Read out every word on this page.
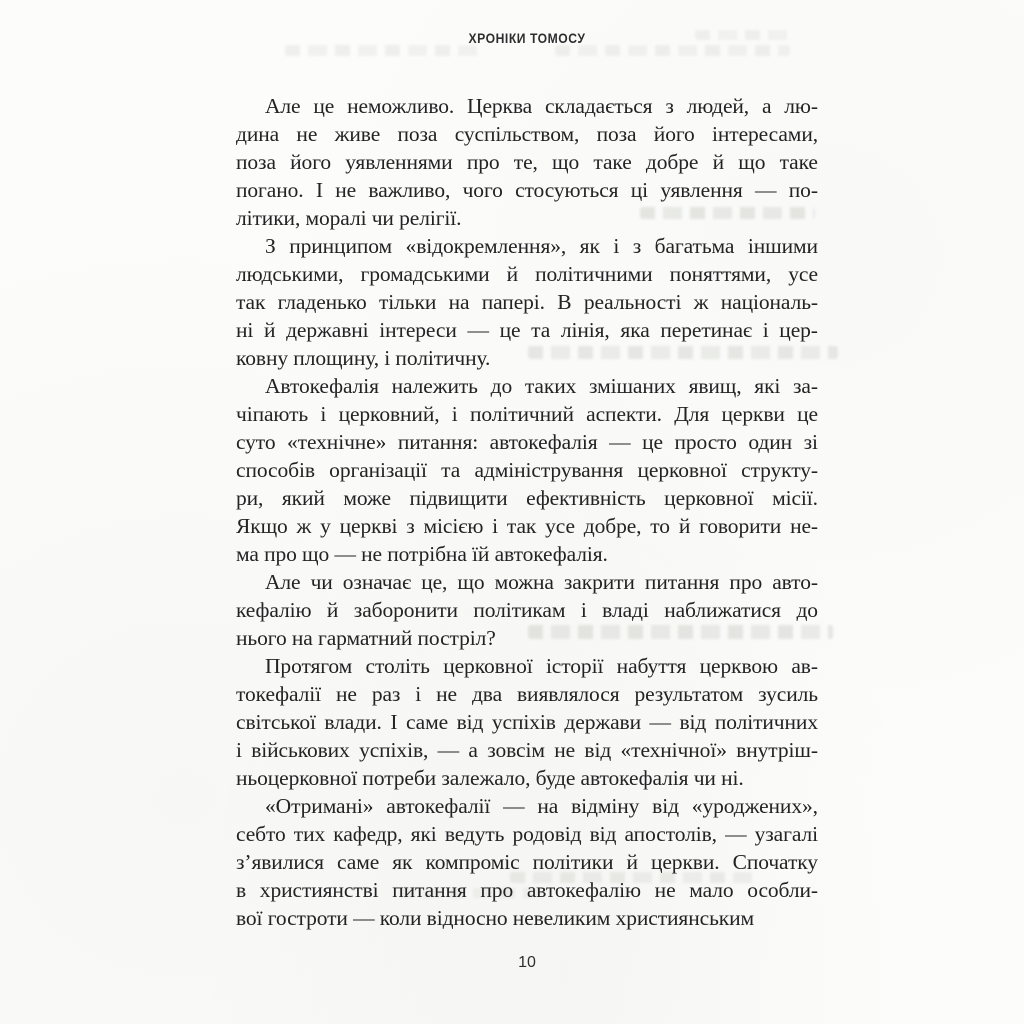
ХРОНІКИ ТОМОСУ
Але це неможливо. Церква складається з людей, а лю-
дина не живе поза суспільством, поза його інтересами,
поза його уявленнями про те, що таке добре й що таке
погано. І не важливо, чого стосуються ці уявлення — по-
літики, моралі чи релігії.
З принципом «відокремлення», як і з багатьма іншими
людськими, громадськими й політичними поняттями, усе
так гладенько тільки на папері. В реальності ж національ-
ні й державні інтереси — це та лінія, яка перетинає і цер-
ковну площину, і політичну.
Автокефалія належить до таких змішаних явищ, які за-
чіпають і церковний, і політичний аспекти. Для церкви це
суто «технічне» питання: автокефалія — це просто один зі
способів організації та адміністрування церковної структу-
ри, який може підвищити ефективність церковної місії.
Якщо ж у церкві з місією і так усе добре, то й говорити не-
ма про що — не потрібна їй автокефалія.
Але чи означає це, що можна закрити питання про авто-
кефалію й заборонити політикам і владі наближатися до
нього на гарматний постріл?
Протягом століть церковної історії набуття церквою ав-
токефалії не раз і не два виявлялося результатом зусиль
світської влади. І саме від успіхів держави — від політичних
і військових успіхів, — а зовсім не від «технічної» внутріш-
ньоцерковної потреби залежало, буде автокефалія чи ні.
«Отримані» автокефалії — на відміну від «уроджених»,
себто тих кафедр, які ведуть родовід від апостолів, — узагалі
з’явилися саме як компроміс політики й церкви. Спочатку
в християнстві питання про автокефалію не мало особли-
вої гостроти — коли відносно невеликим християнським
10
